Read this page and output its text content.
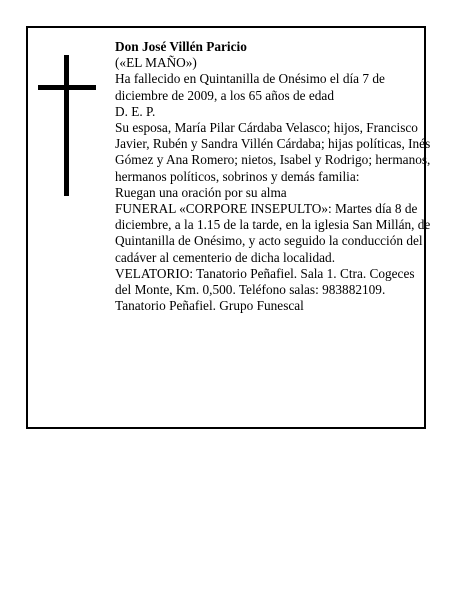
Don José Villén Paricio

(«EL MAÑO»)

Ha fallecido en Quintanilla de Onésimo el día 7 de diciembre de 2009, a los 65 años de edad

D. E. P.

Su esposa, María Pilar Cárdaba Velasco; hijos, Francisco Javier, Rubén y Sandra Villén Cárdaba; hijas políticas, Inés Gómez y Ana Romero; nietos, Isabel y Rodrigo; hermanos, hermanos políticos, sobrinos y demás familia:

Ruegan una oración por su alma

FUNERAL «CORPORE INSEPULTO»: Martes día 8 de diciembre, a la 1.15 de la tarde, en la iglesia San Millán, de Quintanilla de Onésimo, y acto seguido la conducción del cadáver al cementerio de dicha localidad.

VELATORIO: Tanatorio Peñafiel. Sala 1. Ctra. Cogeces del Monte, Km. 0,500. Teléfono salas: 983882109.

Tanatorio Peñafiel. Grupo Funescal
